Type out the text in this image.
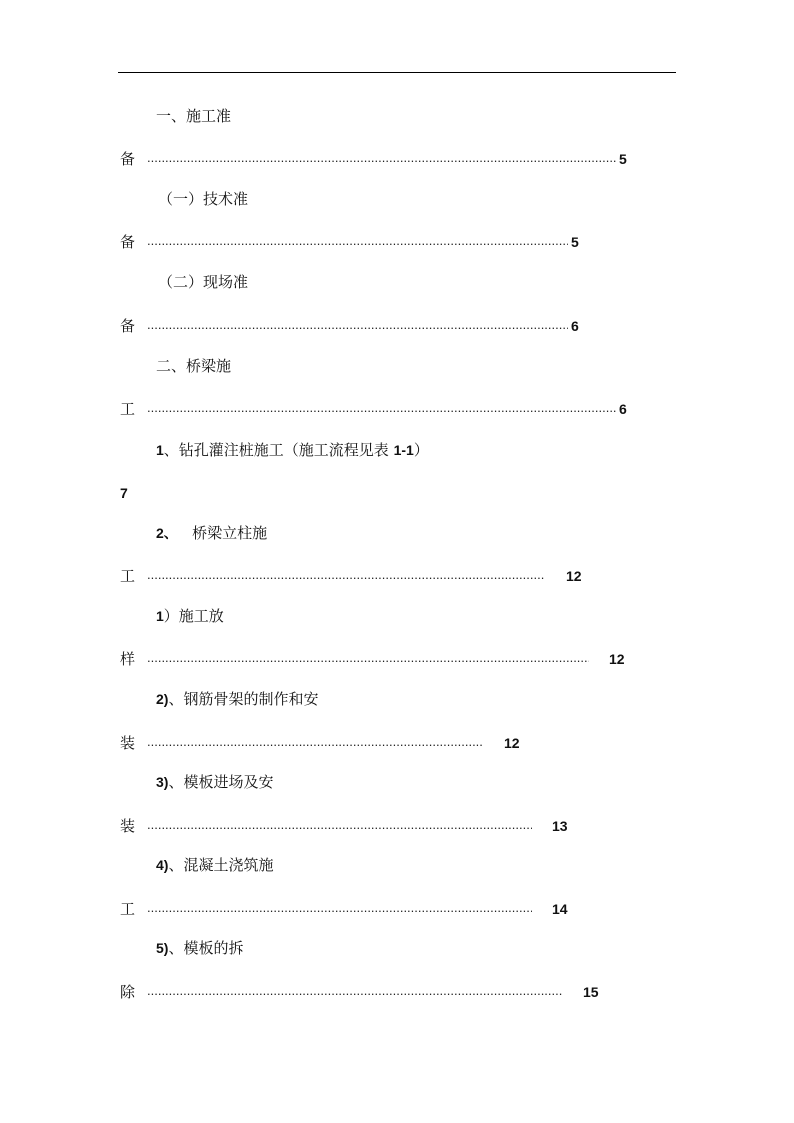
一、施工准
备 .....	5
（一）技术准
备 .....	5
（二）现场准
备 .....	6
二、桥梁施
工 .....	6
1、钻孔灌注桩施工（施工流程见表 1-1）
7
2、 桥梁立柱施
工 .....	12
1）施工放
样 .....	12
2)、钢筋骨架的制作和安
装 .....	12
3)、模板进场及安
装 .....	13
4)、混凝土浇筑施
工 .....	14
5)、模板的拆
除 .....	15
